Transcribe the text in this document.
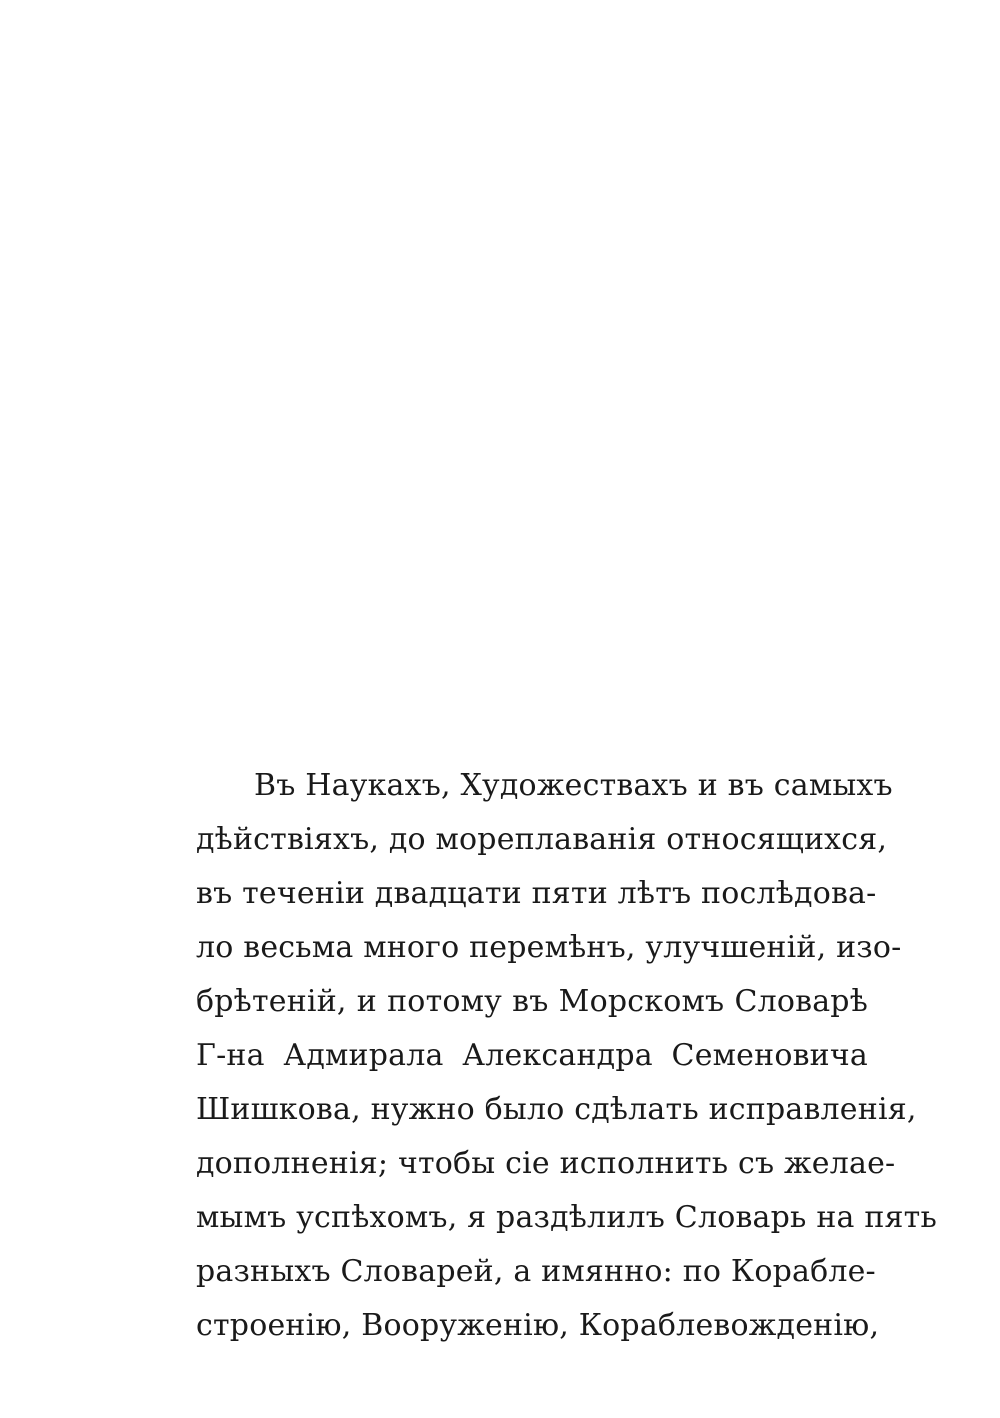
Въ Наукахъ, Художествахъ и въ самыхъ
дѣйствіяхъ, до мореплаванія относящихся,
въ теченіи двадцати пяти лѣтъ послѣдова-
ло весьма много перемѣнъ, улучшеній, изо-
брѣтеній, и потому въ Морскомъ Словарѣ
Г-на Адмирала Александра Семеновича
Шишкова, нужно было сдѣлать исправленія,
дополненія; чтобы сіе исполнить съ желае-
мымъ успѣхомъ, я раздѣлилъ Словарь на пять
разныхъ Словарей, а имянно: по Корабле-
строенію, Вооруженію, Кораблевожденію,
